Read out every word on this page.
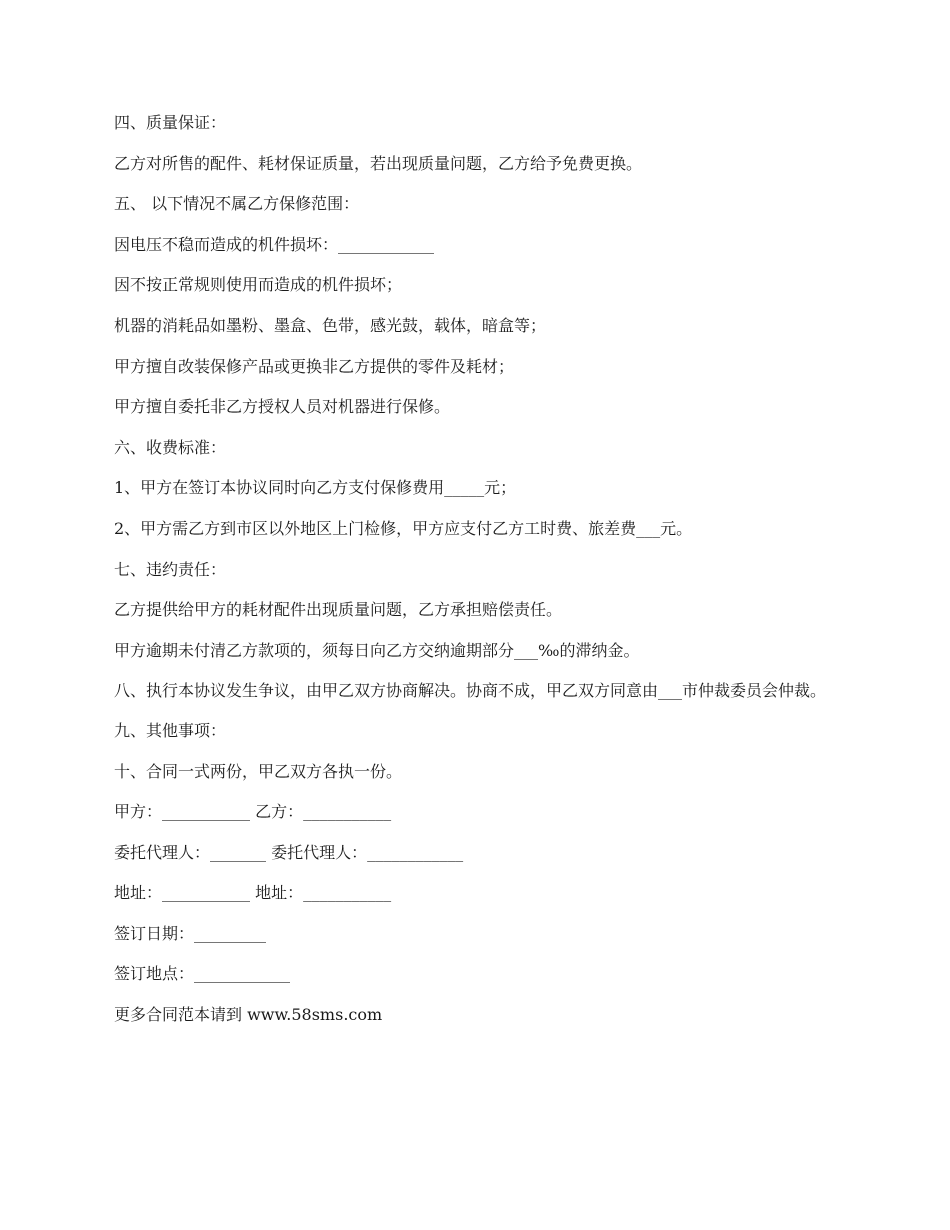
四、质量保证：

乙方对所售的配件、耗材保证质量，若出现质量问题，乙方给予免费更换。

五、 以下情况不属乙方保修范围：

因电压不稳而造成的机件损坏：____________

因不按正常规则使用而造成的机件损坏；

机器的消耗品如墨粉、墨盒、色带，感光鼓，载体，暗盒等；

甲方擅自改装保修产品或更换非乙方提供的零件及耗材；

甲方擅自委托非乙方授权人员对机器进行保修。

六、收费标准：

1、甲方在签订本协议同时向乙方支付保修费用_____元；

2、甲方需乙方到市区以外地区上门检修，甲方应支付乙方工时费、旅差费___元。

七、违约责任：

乙方提供给甲方的耗材配件出现质量问题，乙方承担赔偿责任。

甲方逾期未付清乙方款项的，须每日向乙方交纳逾期部分___‰的滞纳金。

八、执行本协议发生争议，由甲乙双方协商解决。协商不成，甲乙双方同意由___市仲裁委员会仲裁。

九、其他事项：

十、合同一式两份，甲乙双方各执一份。

甲方：___________ 乙方：___________

委托代理人：_______ 委托代理人：____________

地址：___________ 地址：___________

签订日期：_________

签订地点：____________

更多合同范本请到 www.58sms.com
